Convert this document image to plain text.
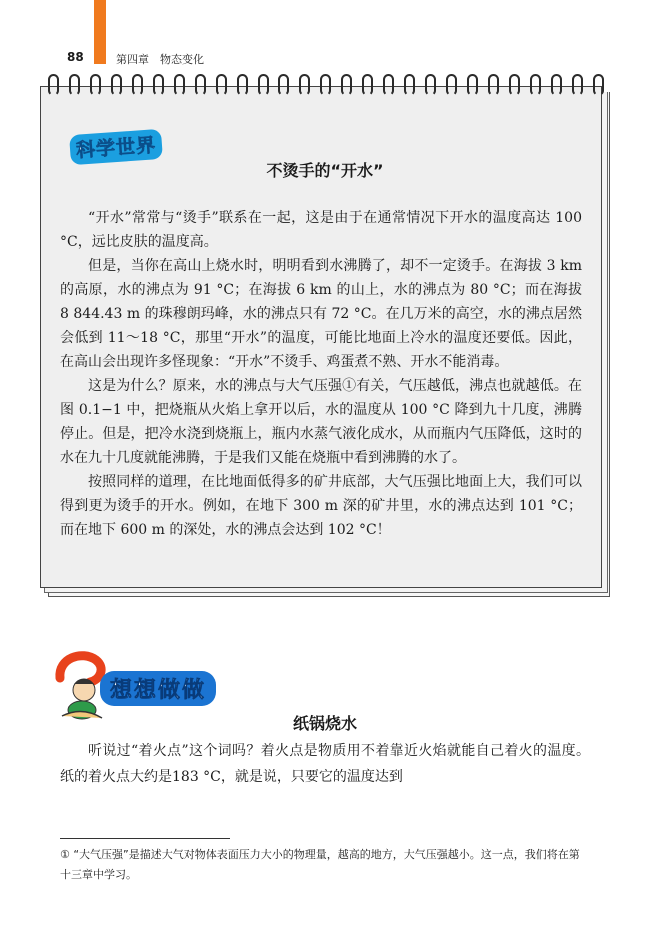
88	第四章　物态变化
科学世界
不烫手的“开水”

“开水”常常与“烫手”联系在一起，这是由于在通常情况下开水的温度高达 100 °C，远比皮肤的温度高。

但是，当你在高山上烧水时，明明看到水沸腾了，却不一定烫手。在海拔 3 km 的高原，水的沸点为 91 °C；在海拔 6 km 的山上，水的沸点为 80 °C；而在海拔 8 844.43 m 的珠穆朗玛峰，水的沸点只有 72 °C。在几万米的高空，水的沸点居然会低到 11～18 °C，那里“开水”的温度，可能比地面上冷水的温度还要低。因此，在高山会出现许多怪现象：“开水”不烫手、鸡蛋煮不熟、开水不能消毒。

这是为什么？原来，水的沸点与大气压强①有关，气压越低，沸点也就越低。在图 0.1−1 中，把烧瓶从火焰上拿开以后，水的温度从 100 °C 降到九十几度，沸腾停止。但是，把冷水浇到烧瓶上，瓶内水蒸气液化成水，从而瓶内气压降低，这时的水在九十几度就能沸腾，于是我们又能在烧瓶中看到沸腾的水了。

按照同样的道理，在比地面低得多的矿井底部，大气压强比地面上大，我们可以得到更为烫手的开水。例如，在地下 300 m 深的矿井里，水的沸点达到 101 °C；而在地下 600 m 的深处，水的沸点会达到 102 °C！

想想做做
纸锅烧水

听说过“着火点”这个词吗？着火点是物质用不着靠近火焰就能自己着火的温度。纸的着火点大约是183 °C，就是说，只要它的温度达到

① “大气压强”是描述大气对物体表面压力大小的物理量，越高的地方，大气压强越小。这一点，我们将在第十三章中学习。
